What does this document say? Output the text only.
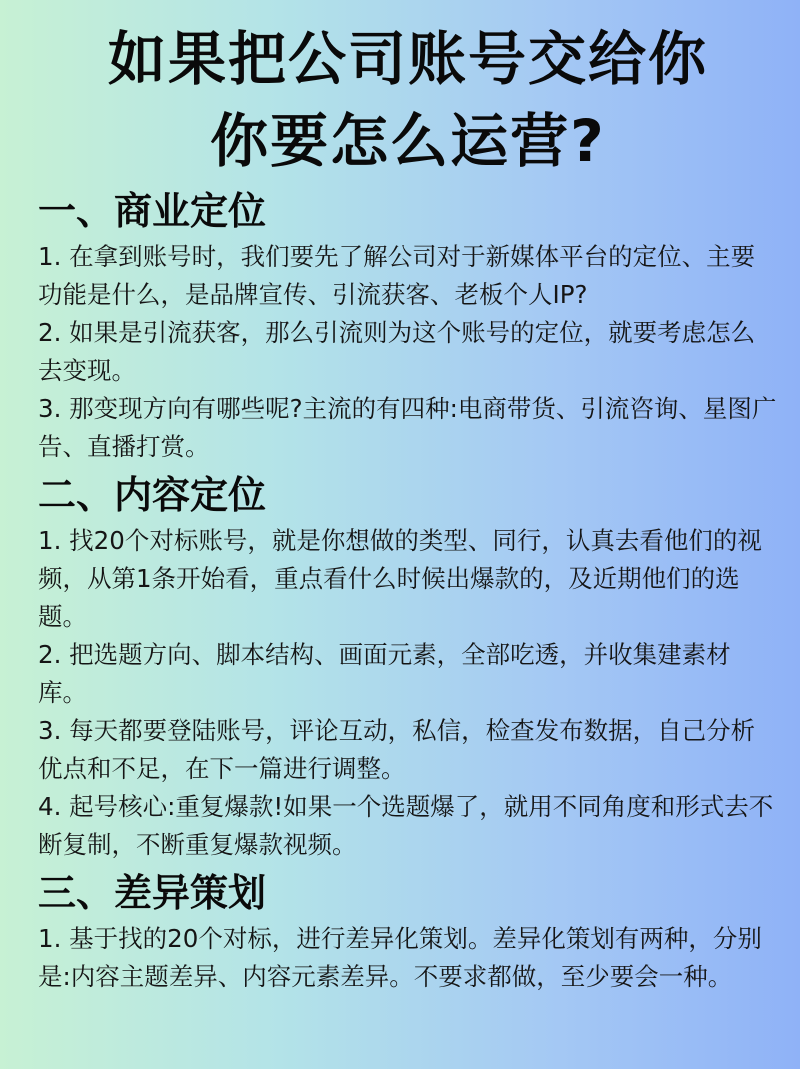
如果把公司账号交给你
你要怎么运营?
一、商业定位

1. 在拿到账号时，我们要先了解公司对于新媒体平台的定位、主要功能是什么，是品牌宣传、引流获客、老板个人IP?

2. 如果是引流获客，那么引流则为这个账号的定位，就要考虑怎么去变现。

3. 那变现方向有哪些呢?主流的有四种:电商带货、引流咨询、星图广告、直播打赏。

二、内容定位

1. 找20个对标账号，就是你想做的类型、同行，认真去看他们的视频，从第1条开始看，重点看什么时候出爆款的，及近期他们的选题。

2. 把选题方向、脚本结构、画面元素，全部吃透，并收集建素材库。

3. 每天都要登陆账号，评论互动，私信，检查发布数据，自己分析优点和不足，在下一篇进行调整。

4. 起号核心:重复爆款!如果一个选题爆了，就用不同角度和形式去不断复制，不断重复爆款视频。

三、差异策划

1. 基于找的20个对标，进行差异化策划。差异化策划有两种，分别是:内容主题差异、内容元素差异。不要求都做，至少要会一种。
